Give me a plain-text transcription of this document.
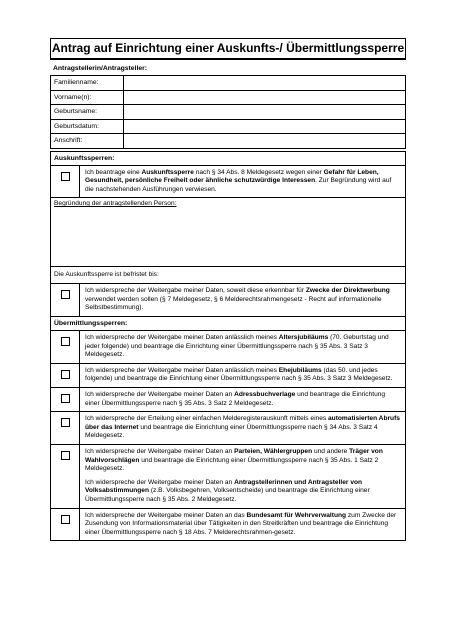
Antrag auf Einrichtung einer Auskunfts-/ Übermittlungssperre
Antragstellerin/Antragsteller:
Familienname:	
Vorname(n):	
Geburtsname:	
Geburtsdatum:	
Anschrift:	
Auskunftssperren:
Ich beantrage eine Auskunftssperre nach § 34 Abs. 8 Meldegesetz wegen einer Gefahr für Leben, Gesundheit, persönliche Freiheit oder ähnliche schutzwürdige Interessen. Zur Begründung wird auf die nachstehenden Ausführungen verwiesen.
Begründung der antragstellenden Person:
Die Auskunftssperre ist befristet bis:
Ich widerspreche der Weitergabe meiner Daten, soweit diese erkennbar für Zwecke der Direktwerbung verwendet werden sollen (§ 7 Meldegesetz, § 6 Melderechtsrahmengesetz - Recht auf informationelle Selbstbestimmung).
Übermittlungssperren:
Ich widerspreche der Weitergabe meiner Daten anlässlich meines Altersjubiläums (70. Geburtstag und jeder folgende) und beantrage die Einrichtung einer Übermittlungssperre nach § 35 Abs. 3 Satz 3 Meldegesetz.
Ich widerspreche der Weitergabe meiner Daten anlässlich meines Ehejubiläums (das 50. und jedes folgende) und beantrage die Einrichtung einer Übermittlungssperre nach § 35 Abs. 3 Satz 3 Meldegesetz.
Ich widerspreche der Weitergabe meiner Daten an Adressbuchverlage und beantrage die Einrichtung einer Übermittlungssperre nach § 35 Abs. 3 Satz 2 Meldegesetz.
Ich widerspreche der Erteilung einer einfachen Melderegisterauskunft mittels eines automatisierten Abrufs über das Internet und beantrage die Einrichtung einer Übermittlungssperre nach § 34 Abs. 3 Satz 4 Meldegesetz.

Ich widerspreche der Weitergabe meiner Daten an Parteien, Wählergruppen und andere Träger von Wahlvorschlägen und beantrage die Einrichtung einer Übermittlungssperre nach § 35 Abs. 1 Satz 2 Meldegesetz.

Ich widerspreche der Weitergabe meiner Daten an Antragstellerinnen und Antragsteller von Volksabstimmungen (z.B. Volksbegehren, Volksentscheide) und beantrage die Einrichtung einer Übermittlungssperre nach § 35 Abs. 2 Meldegesetz.

Ich widerspreche der Weitergabe meiner Daten an das Bundesamt für Wehrverwaltung zum Zwecke der Zusendung von Informationsmaterial über Tätigkeiten in den Streitkräften und beantrage die Einrichtung einer Übermittlungssperre nach § 18 Abs. 7 Melderechtsrahmen-gesetz.
